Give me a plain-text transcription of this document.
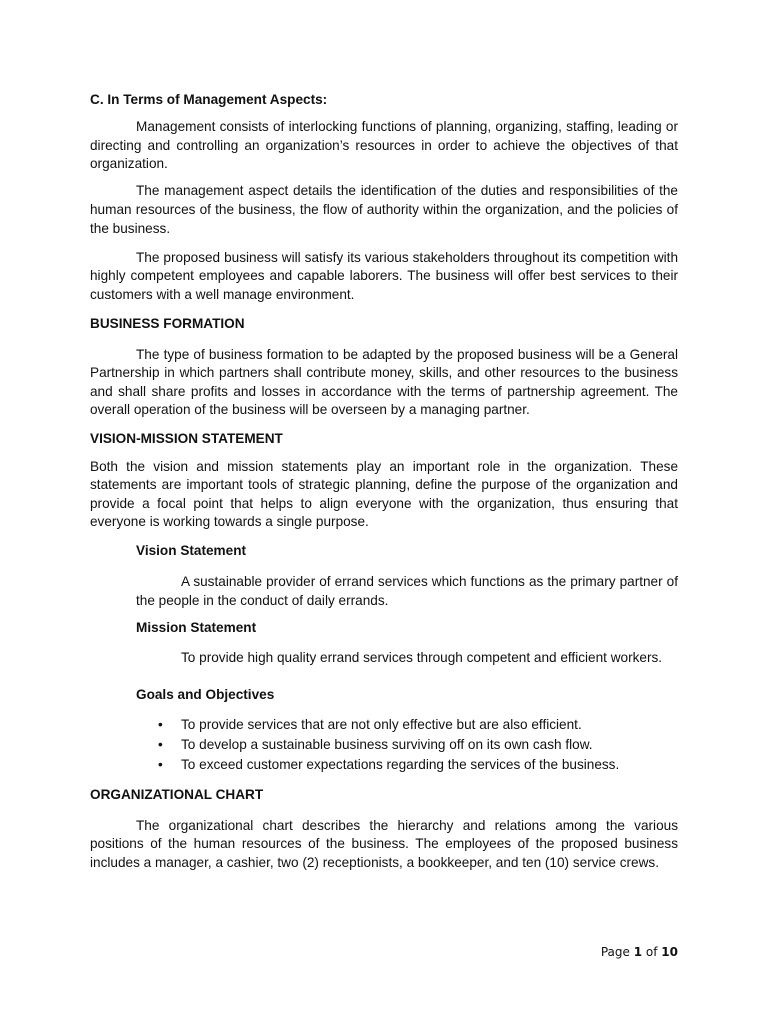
C. In Terms of Management Aspects:

Management consists of interlocking functions of planning, organizing, staffing, leading or directing and controlling an organization’s resources in order to achieve the objectives of that organization.

The management aspect details the identification of the duties and responsibilities of the human resources of the business, the flow of authority within the organization, and the policies of the business.

The proposed business will satisfy its various stakeholders throughout its competition with highly competent employees and capable laborers. The business will offer best services to their customers with a well manage environment.

BUSINESS FORMATION

The type of business formation to be adapted by the proposed business will be a General Partnership in which partners shall contribute money, skills, and other resources to the business and shall share profits and losses in accordance with the terms of partnership agreement. The overall operation of the business will be overseen by a managing partner.

VISION-MISSION STATEMENT

Both the vision and mission statements play an important role in the organization. These statements are important tools of strategic planning, define the purpose of the organization and provide a focal point that helps to align everyone with the organization, thus ensuring that everyone is working towards a single purpose.

Vision Statement

A sustainable provider of errand services which functions as the primary partner of the people in the conduct of daily errands.

Mission Statement

To provide high quality errand services through competent and efficient workers.

Goals and Objectives
• To provide services that are not only effective but are also efficient.
• To develop a sustainable business surviving off on its own cash flow.
• To exceed customer expectations regarding the services of the business.
ORGANIZATIONAL CHART

The organizational chart describes the hierarchy and relations among the various positions of the human resources of the business. The employees of the proposed business includes a manager, a cashier, two (2) receptionists, a bookkeeper, and ten (10) service crews.

Page 1 of 10
